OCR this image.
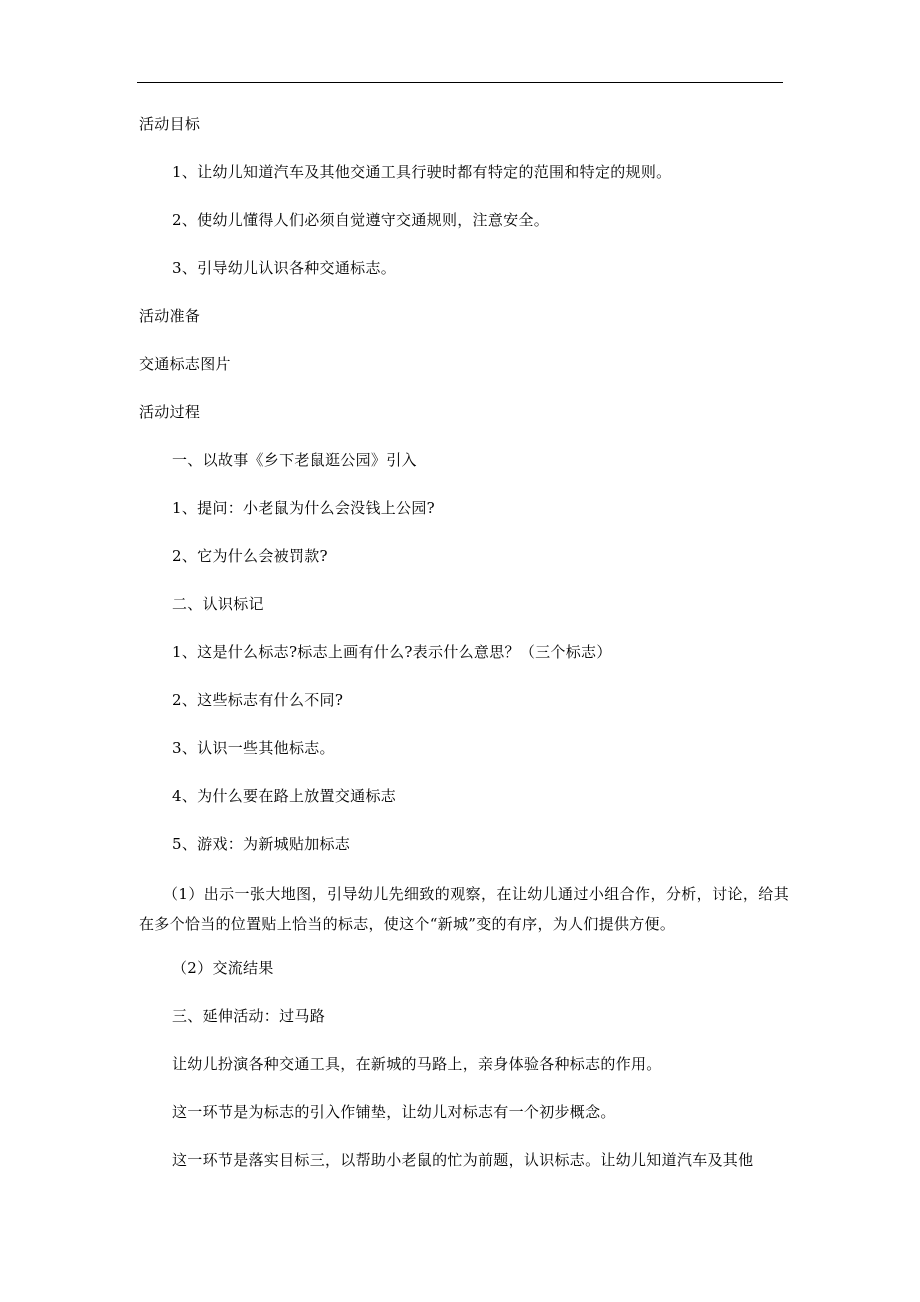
活动目标
1、让幼儿知道汽车及其他交通工具行驶时都有特定的范围和特定的规则。
2、使幼儿懂得人们必须自觉遵守交通规则，注意安全。
3、引导幼儿认识各种交通标志。
活动准备
交通标志图片
活动过程
一、以故事《乡下老鼠逛公园》引入
1、提问：小老鼠为什么会没钱上公园?
2、它为什么会被罚款?
二、认识标记
1、这是什么标志?标志上画有什么?表示什么意思？（三个标志）
2、这些标志有什么不同?
3、认识一些其他标志。
4、为什么要在路上放置交通标志
5、游戏：为新城贴加标志
（1）出示一张大地图，引导幼儿先细致的观察，在让幼儿通过小组合作，分析，讨论，给其在多个恰当的位置贴上恰当的标志，使这个“新城”变的有序，为人们提供方便。
（2）交流结果
三、延伸活动：过马路
让幼儿扮演各种交通工具，在新城的马路上，亲身体验各种标志的作用。
这一环节是为标志的引入作铺垫，让幼儿对标志有一个初步概念。
这一环节是落实目标三，以帮助小老鼠的忙为前题，认识标志。让幼儿知道汽车及其他
